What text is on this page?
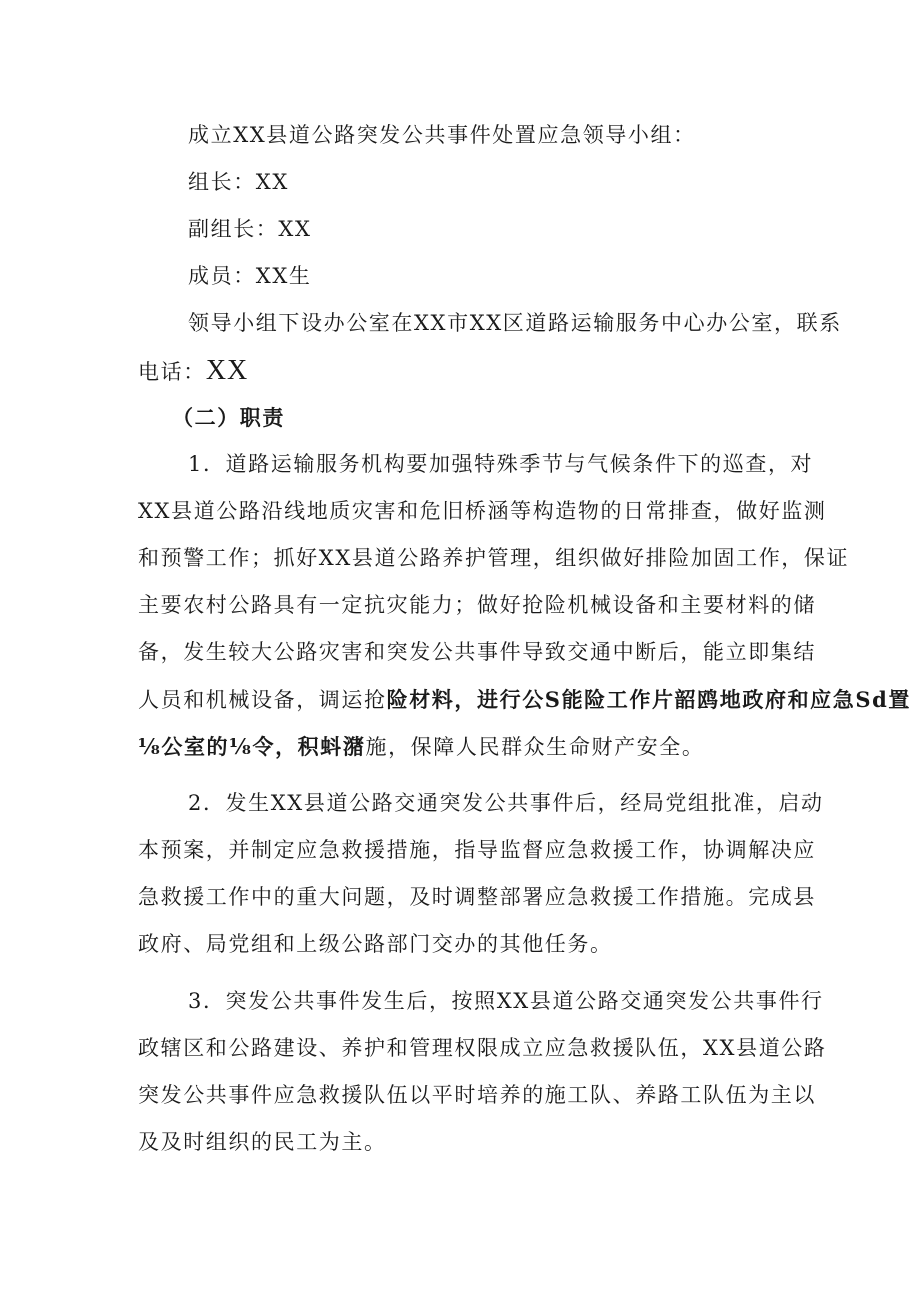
成立XX县道公路突发公共事件处置应急领导小组：
组长：XX
副组长：XX
成员：XX生
领导小组下设办公室在XX市XX区道路运输服务中心办公室，联系
电话：XX
（二）职责
1．道路运输服务机构要加强特殊季节与气候条件下的巡查，对
XX县道公路沿线地质灾害和危旧桥涵等构造物的日常排查，做好监测
和预警工作；抓好XX县道公路养护管理，组织做好排险加固工作，保证
主要农村公路具有一定抗灾能力；做好抢险机械设备和主要材料的储
备，发生较大公路灾害和突发公共事件导致交通中断后，能立即集结
人员和机械设备，调运抢险材料，进行公S能险工作片韶鸥地政府和应急Sd置
⅛公室的⅛令，积蚪潴施，保障人民群众生命财产安全。
2．发生XX县道公路交通突发公共事件后，经局党组批准，启动
本预案，并制定应急救援措施，指导监督应急救援工作，协调解决应
急救援工作中的重大问题，及时调整部署应急救援工作措施。完成县
政府、局党组和上级公路部门交办的其他任务。
3．突发公共事件发生后，按照XX县道公路交通突发公共事件行
政辖区和公路建设、养护和管理权限成立应急救援队伍，XX县道公路
突发公共事件应急救援队伍以平时培养的施工队、养路工队伍为主以
及及时组织的民工为主。
